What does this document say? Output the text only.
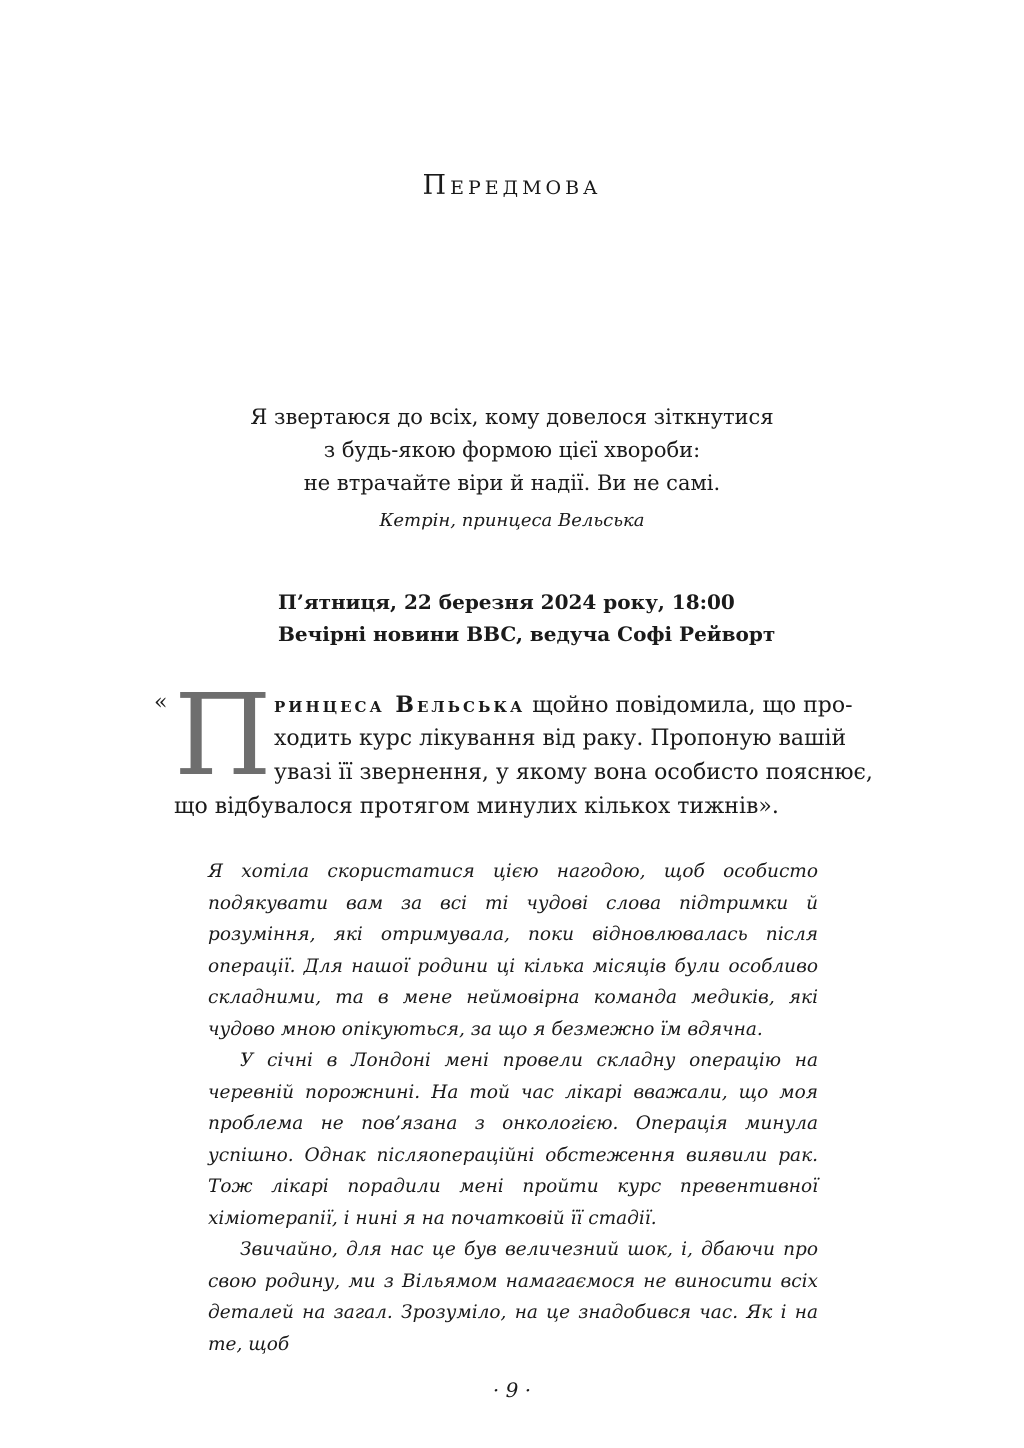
Передмова

Я звертаюся до всіх, кому довелося зіткнутися

з будь-якою формою цієї хвороби:

не втрачайте віри й надії. Ви не самі.

Кетрін, принцеса Вельська

П’ятниця, 22 березня 2024 року, 18:00

Вечірні новини BBC, ведуча Софі Рейворт

« П ринцеса Вельська щойно повідомила, що про-
ходить курс лікування від раку. Пропоную вашій
увазі її звернення, у якому вона особисто пояснює,
що відбувалося протягом минулих кількох тижнів».

Я хотіла скористатися цією нагодою, щоб особисто подякувати вам за всі ті чудові слова підтримки й розуміння, які отримувала, поки відновлювалась після операції. Для нашої родини ці кілька місяців були особливо складними, та в мене неймовірна команда медиків, які чудово мною опікуються, за що я безмежно їм вдячна.

У січні в Лондоні мені провели складну операцію на черевній порожнині. На той час лікарі вважали, що моя проблема не пов’язана з онкологією. Операція минула успішно. Однак післяопераційні обстеження виявили рак. Тож лікарі порадили мені пройти курс превентивної хіміотерапії, і нині я на початковій її стадії.

Звичайно, для нас це був величезний шок, і, дбаючи про свою родину, ми з Вільямом намагаємося не виносити всіх деталей на загал. Зрозуміло, на це знадобився час. Як і на те, щоб

· 9 ·
